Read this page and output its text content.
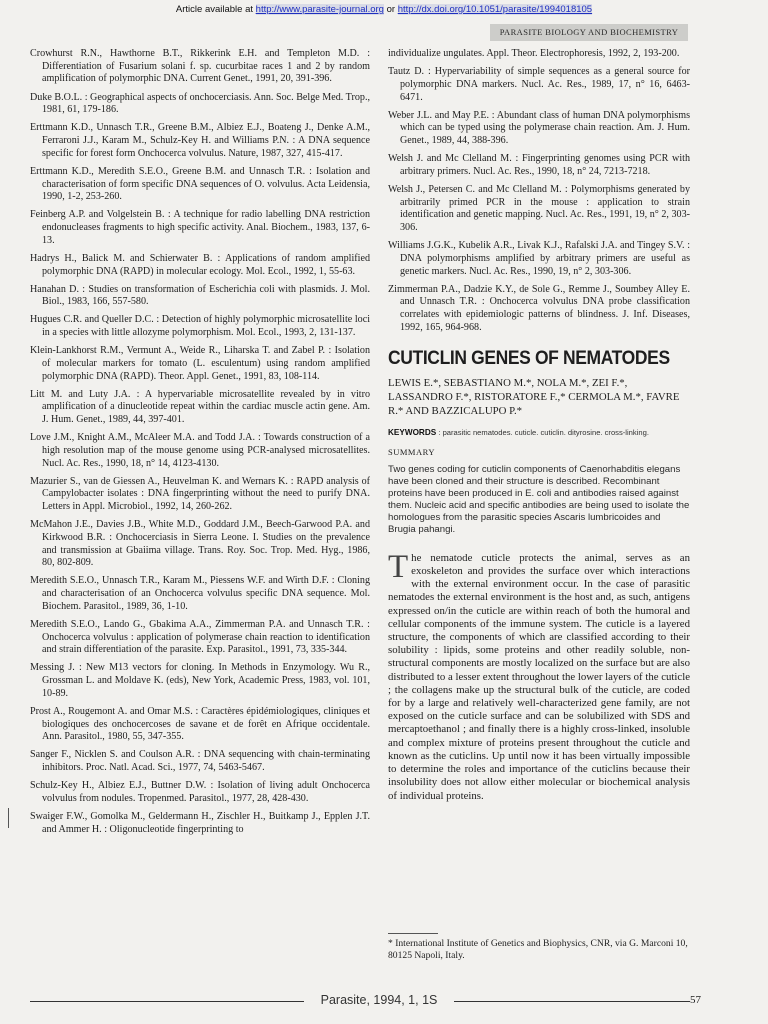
Article available at http://www.parasite-journal.org or http://dx.doi.org/10.1051/parasite/1994018105
PARASITE BIOLOGY AND BIOCHEMISTRY

Crowhurst R.N., Hawthorne B.T., Rikkerink E.H. and Templeton M.D. : Differentiation of Fusarium solani f. sp. cucurbitae races 1 and 2 by random amplification of polymorphic DNA. Current Genet., 1991, 20, 391-396.

Duke B.O.L. : Geographical aspects of onchocerciasis. Ann. Soc. Belge Med. Trop., 1981, 61, 179-186.

Erttmann K.D., Unnasch T.R., Greene B.M., Albiez E.J., Boateng J., Denke A.M., Ferraroni J.J., Karam M., Schulz-Key H. and Williams P.N. : A DNA sequence specific for forest form Onchocerca volvulus. Nature, 1987, 327, 415-417.

Erttmann K.D., Meredith S.E.O., Greene B.M. and Unnasch T.R. : Isolation and characterisation of form specific DNA sequences of O. volvulus. Acta Leidensia, 1990, 1-2, 253-260.

Feinberg A.P. and Volgelstein B. : A technique for radio labelling DNA restriction endonucleases fragments to high specific activity. Anal. Biochem., 1983, 137, 6-13.

Hadrys H., Balick M. and Schierwater B. : Applications of random amplified polymorphic DNA (RAPD) in molecular ecology. Mol. Ecol., 1992, 1, 55-63.

Hanahan D. : Studies on transformation of Escherichia coli with plasmids. J. Mol. Biol., 1983, 166, 557-580.

Hugues C.R. and Queller D.C. : Detection of highly polymorphic microsatellite loci in a species with little allozyme polymorphism. Mol. Ecol., 1993, 2, 131-137.

Klein-Lankhorst R.M., Vermunt A., Weide R., Liharska T. and Zabel P. : Isolation of molecular markers for tomato (L. esculentum) using random amplified polymorphic DNA (RAPD). Theor. Appl. Genet., 1991, 83, 108-114.

Litt M. and Luty J.A. : A hypervariable microsatellite revealed by in vitro amplification of a dinucleotide repeat within the cardiac muscle actin gene. Am. J. Hum. Genet., 1989, 44, 397-401.

Love J.M., Knight A.M., McAleer M.A. and Todd J.A. : Towards construction of a high resolution map of the mouse genome using PCR-analysed microsatellites. Nucl. Ac. Res., 1990, 18, n° 14, 4123-4130.

Mazurier S., van de Giessen A., Heuvelman K. and Wernars K. : RAPD analysis of Campylobacter isolates : DNA fingerprinting without the need to purify DNA. Letters in Appl. Microbiol., 1992, 14, 260-262.

McMahon J.E., Davies J.B., White M.D., Goddard J.M., Beech-Garwood P.A. and Kirkwood B.R. : Onchocerciasis in Sierra Leone. I. Studies on the prevalence and transmission at Gbaiima village. Trans. Roy. Soc. Trop. Med. Hyg., 1986, 80, 802-809.

Meredith S.E.O., Unnasch T.R., Karam M., Piessens W.F. and Wirth D.F. : Cloning and characterisation of an Onchocerca volvulus specific DNA sequence. Mol. Biochem. Parasitol., 1989, 36, 1-10.

Meredith S.E.O., Lando G., Gbakima A.A., Zimmerman P.A. and Unnasch T.R. : Onchocerca volvulus : application of polymerase chain reaction to identification and strain differentiation of the parasite. Exp. Parasitol., 1991, 73, 335-344.

Messing J. : New M13 vectors for cloning. In Methods in Enzymology. Wu R., Grossman L. and Moldave K. (eds), New York, Academic Press, 1983, vol. 101, 10-89.

Prost A., Rougemont A. and Omar M.S. : Caractères épidémiologiques, cliniques et biologiques des onchocercoses de savane et de forêt en Afrique occidentale. Ann. Parasitol., 1980, 55, 347-355.

Sanger F., Nicklen S. and Coulson A.R. : DNA sequencing with chain-terminating inhibitors. Proc. Natl. Acad. Sci., 1977, 74, 5463-5467.

Schulz-Key H., Albiez E.J., Buttner D.W. : Isolation of living adult Onchocerca volvulus from nodules. Tropenmed. Parasitol., 1977, 28, 428-430.

Swaiger F.W., Gomolka M., Geldermann H., Zischler H., Buitkamp J., Epplen J.T. and Ammer H. : Oligonucleotide fingerprinting to

individualize ungulates. Appl. Theor. Electrophoresis, 1992, 2, 193-200.

Tautz D. : Hypervariability of simple sequences as a general source for polymorphic DNA markers. Nucl. Ac. Res., 1989, 17, n° 16, 6463-6471.

Weber J.L. and May P.E. : Abundant class of human DNA polymorphisms which can be typed using the polymerase chain reaction. Am. J. Hum. Genet., 1989, 44, 388-396.

Welsh J. and Mc Clelland M. : Fingerprinting genomes using PCR with arbitrary primers. Nucl. Ac. Res., 1990, 18, n° 24, 7213-7218.

Welsh J., Petersen C. and Mc Clelland M. : Polymorphisms generated by arbitrarily primed PCR in the mouse : application to strain identification and genetic mapping. Nucl. Ac. Res., 1991, 19, n° 2, 303-306.

Williams J.G.K., Kubelik A.R., Livak K.J., Rafalski J.A. and Tingey S.V. : DNA polymorphisms amplified by arbitrary primers are useful as genetic markers. Nucl. Ac. Res., 1990, 19, n° 2, 303-306.

Zimmerman P.A., Dadzie K.Y., de Sole G., Remme J., Soumbey Alley E. and Unnasch T.R. : Onchocerca volvulus DNA probe classification correlates with epidemiologic patterns of blindness. J. Inf. Diseases, 1992, 165, 964-968.

CUTICLIN GENES OF NEMATODES
LEWIS E.*, SEBASTIANO M.*, NOLA M.*, ZEI F.*, LASSANDRO F.*, RISTORATORE F.,* CERMOLA M.*, FAVRE R.* AND BAZZICALUPO P.*
KEYWORDS : parasitic nematodes. cuticle. cuticlin. dityrosine. cross-linking.
SUMMARY

Two genes coding for cuticlin components of Caenorhabditis elegans have been cloned and their structure is described. Recombinant proteins have been produced in E. coli and antibodies raised against them. Nucleic acid and specific antibodies are being used to isolate the homologues from the parasitic species Ascaris lumbricoides and Brugia pahangi.

The nematode cuticle protects the animal, serves as an exoskeleton and provides the surface over which interactions with the external environment occur. In the case of parasitic nematodes the external environment is the host and, as such, antigens expressed on/in the cuticle are within reach of both the humoral and cellular components of the immune system. The cuticle is a layered structure, the components of which are classified according to their solubility : lipids, some proteins and other readily soluble, non-structural components are mostly localized on the surface but are also distributed to a lesser extent throughout the lower layers of the cuticle ; the collagens make up the structural bulk of the cuticle, are coded for by a large and relatively well-characterized gene family, are not exposed on the cuticle surface and can be solubilized with SDS and mercaptoethanol ; and finally there is a highly cross-linked, insoluble and complex mixture of proteins present throughout the cuticle and known as the cuticlins. Up until now it has been virtually impossible to determine the roles and importance of the cuticlins because their insolubility does not allow either molecular or biochemical analysis of individual proteins.

* International Institute of Genetics and Biophysics, CNR, via G. Marconi 10, 80125 Napoli, Italy.
Parasite, 1994, 1, 1S	57
